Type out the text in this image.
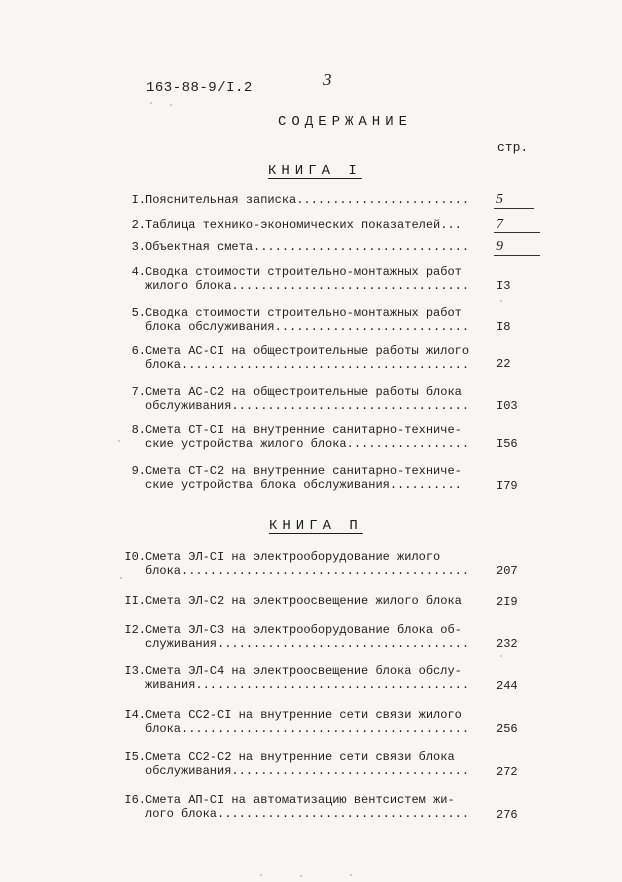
163-88-9/I.2	3
СОДЕРЖАНИЕ
стр.
КНИГА I
I. Пояснительная записка........................ 5
2. Таблица технико-экономических показателей... 7
3. Объектная смета.............................. 9
4. Сводка стоимости строительно-монтажных работ
жилого блока................................. I3
5. Сводка стоимости строительно-монтажных работ
блока обслуживания........................... I8
6. Смета АС-СI на общестроительные работы жилого
блока........................................ 22
7. Смета АС-С2 на общестроительные работы блока
обслуживания................................. I03
8. Смета СТ-СI на внутренние санитарно-техниче-
ские устройства жилого блока................. I56
9. Смета СТ-С2 на внутренние санитарно-техниче-
ские устройства блока обслуживания..........	I79
КНИГА П
I0. Смета ЭЛ-СI на электрооборудование жилого
блока........................................ 207
II. Смета ЭЛ-С2 на электроосвещение жилого блока	2I9
I2. Смета ЭЛ-С3 на электрооборудование блока об-
служивания................................... 232
I3. Смета ЭЛ-С4 на электроосвещение блока обслу-
живания...................................... 244
I4. Смета СС2-СI на внутренние сети связи жилого
блока........................................ 256
I5. Смета СС2-С2 на внутренние сети связи блока
обслуживания................................. 272
I6. Смета АП-СI на автоматизацию вентсистем жи-
лого блока................................... 276
